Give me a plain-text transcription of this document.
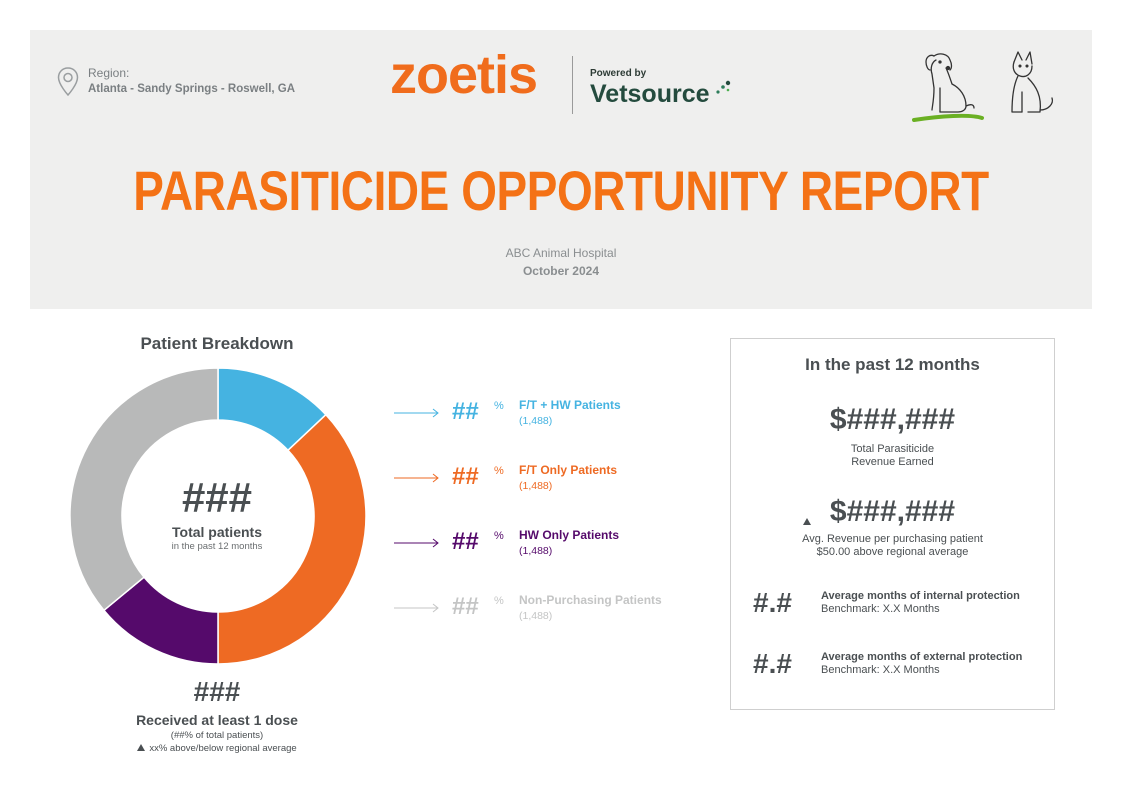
Region:
Atlanta - Sandy Springs - Roswell, GA zoetis	Powered by
Vetsource
PARASITICIDE OPPORTUNITY REPORT
ABC Animal Hospital
October 2024
Patient Breakdown
###
Total patients
in the past 12 months
###
Received at least 1 dose
(##% of total patients)
xx% above/below regional average
## % F/T + HW Patients
(1,488)
## % F/T Only Patients
(1,488)
## % HW Only Patients
(1,488)
## % Non-Purchasing Patients
(1,488)
In the past 12 months
$###,###
Total Parasiticide
Revenue Earned
$###,###
Avg. Revenue per purchasing patient
$50.00 above regional average
#.#	Average months of internal protection
Benchmark: X.X Months
#.#	Average months of external protection
Benchmark: X.X Months
